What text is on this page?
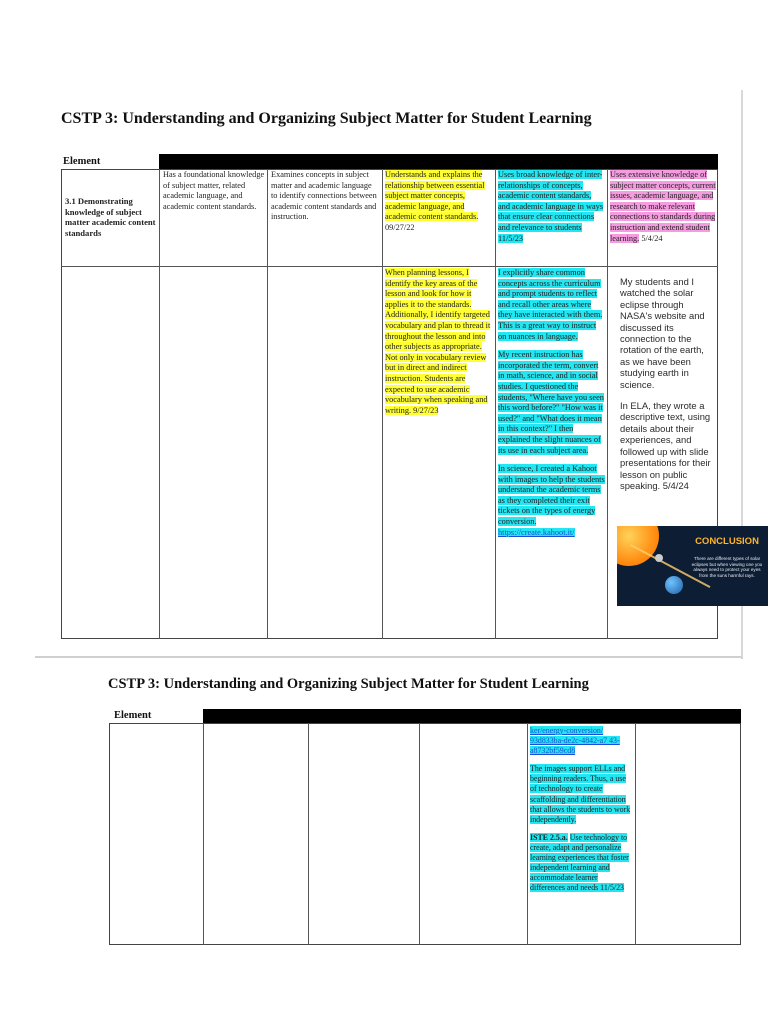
CSTP 3: Understanding and Organizing Subject Matter for Student Learning
Element
3.1 Demonstrating knowledge of subject matter academic content standards
Has a foundational knowledge of subject matter, related academic language, and academic content standards.
Examines concepts in subject matter and academic language to identify connections between academic content standards and instruction.
Understands and explains the relationship between essential subject matter concepts, academic language, and academic content standards.
09/27/22
Uses broad knowledge of inter-relationships of concepts, academic content standards, and academic language in ways that ensure clear connections and relevance to students 11/5/23
Uses extensive knowledge of subject matter concepts, current issues, academic language, and research to make relevant connections to standards during instruction and extend student learning. 5/4/24
When planning lessons, I identify the key areas of the lesson and look for how it applies it to the standards. Additionally, I identify targeted vocabulary and plan to thread it throughout the lesson and into other subjects as appropriate. Not only in vocabulary review but in direct and indirect instruction. Students are expected to use academic vocabulary when speaking and writing. 9/27/23

I explicitly share common concepts across the curriculum and prompt students to reflect and recall other areas where they have interacted with them. This is a great way to instruct on nuances in language.

My recent instruction has incorporated the term, convert in math, science, and in social studies. I questioned the students, "Where have you seen this word before?" "How was it used?" and "What does it mean in this context?" I then explained the slight nuances of its use in each subject area.

In science, I created a Kahoot with images to help the students understand the academic terms as they completed their exit tickets on the types of energy conversion.
https://create.kahoot.it/

My students and I watched the solar eclipse through NASA's website and discussed its connection to the rotation of the earth, as we have been studying earth in science.

In ELA, they wrote a descriptive text, using details about their experiences, and followed up with slide presentations for their lesson on public speaking. 5/4/24

CONCLUSION
There are different types of solar eclipses but when viewing one you always need to protect your eyes from the suns harmful rays.
CSTP 3: Understanding and Organizing Subject Matter for Student Learning
Element

ker/energy-conversion/ 93d833ba-de2c-4842-a7 43-a8732bf59cd8

The images support ELLs and beginning readers. Thus, a use of technology to create scaffolding and differentiation that allows the students to work independently.

ISTE 2.5.a. Use technology to create, adapt and personalize learning experiences that foster independent learning and accommodate learner differences and needs 11/5/23
